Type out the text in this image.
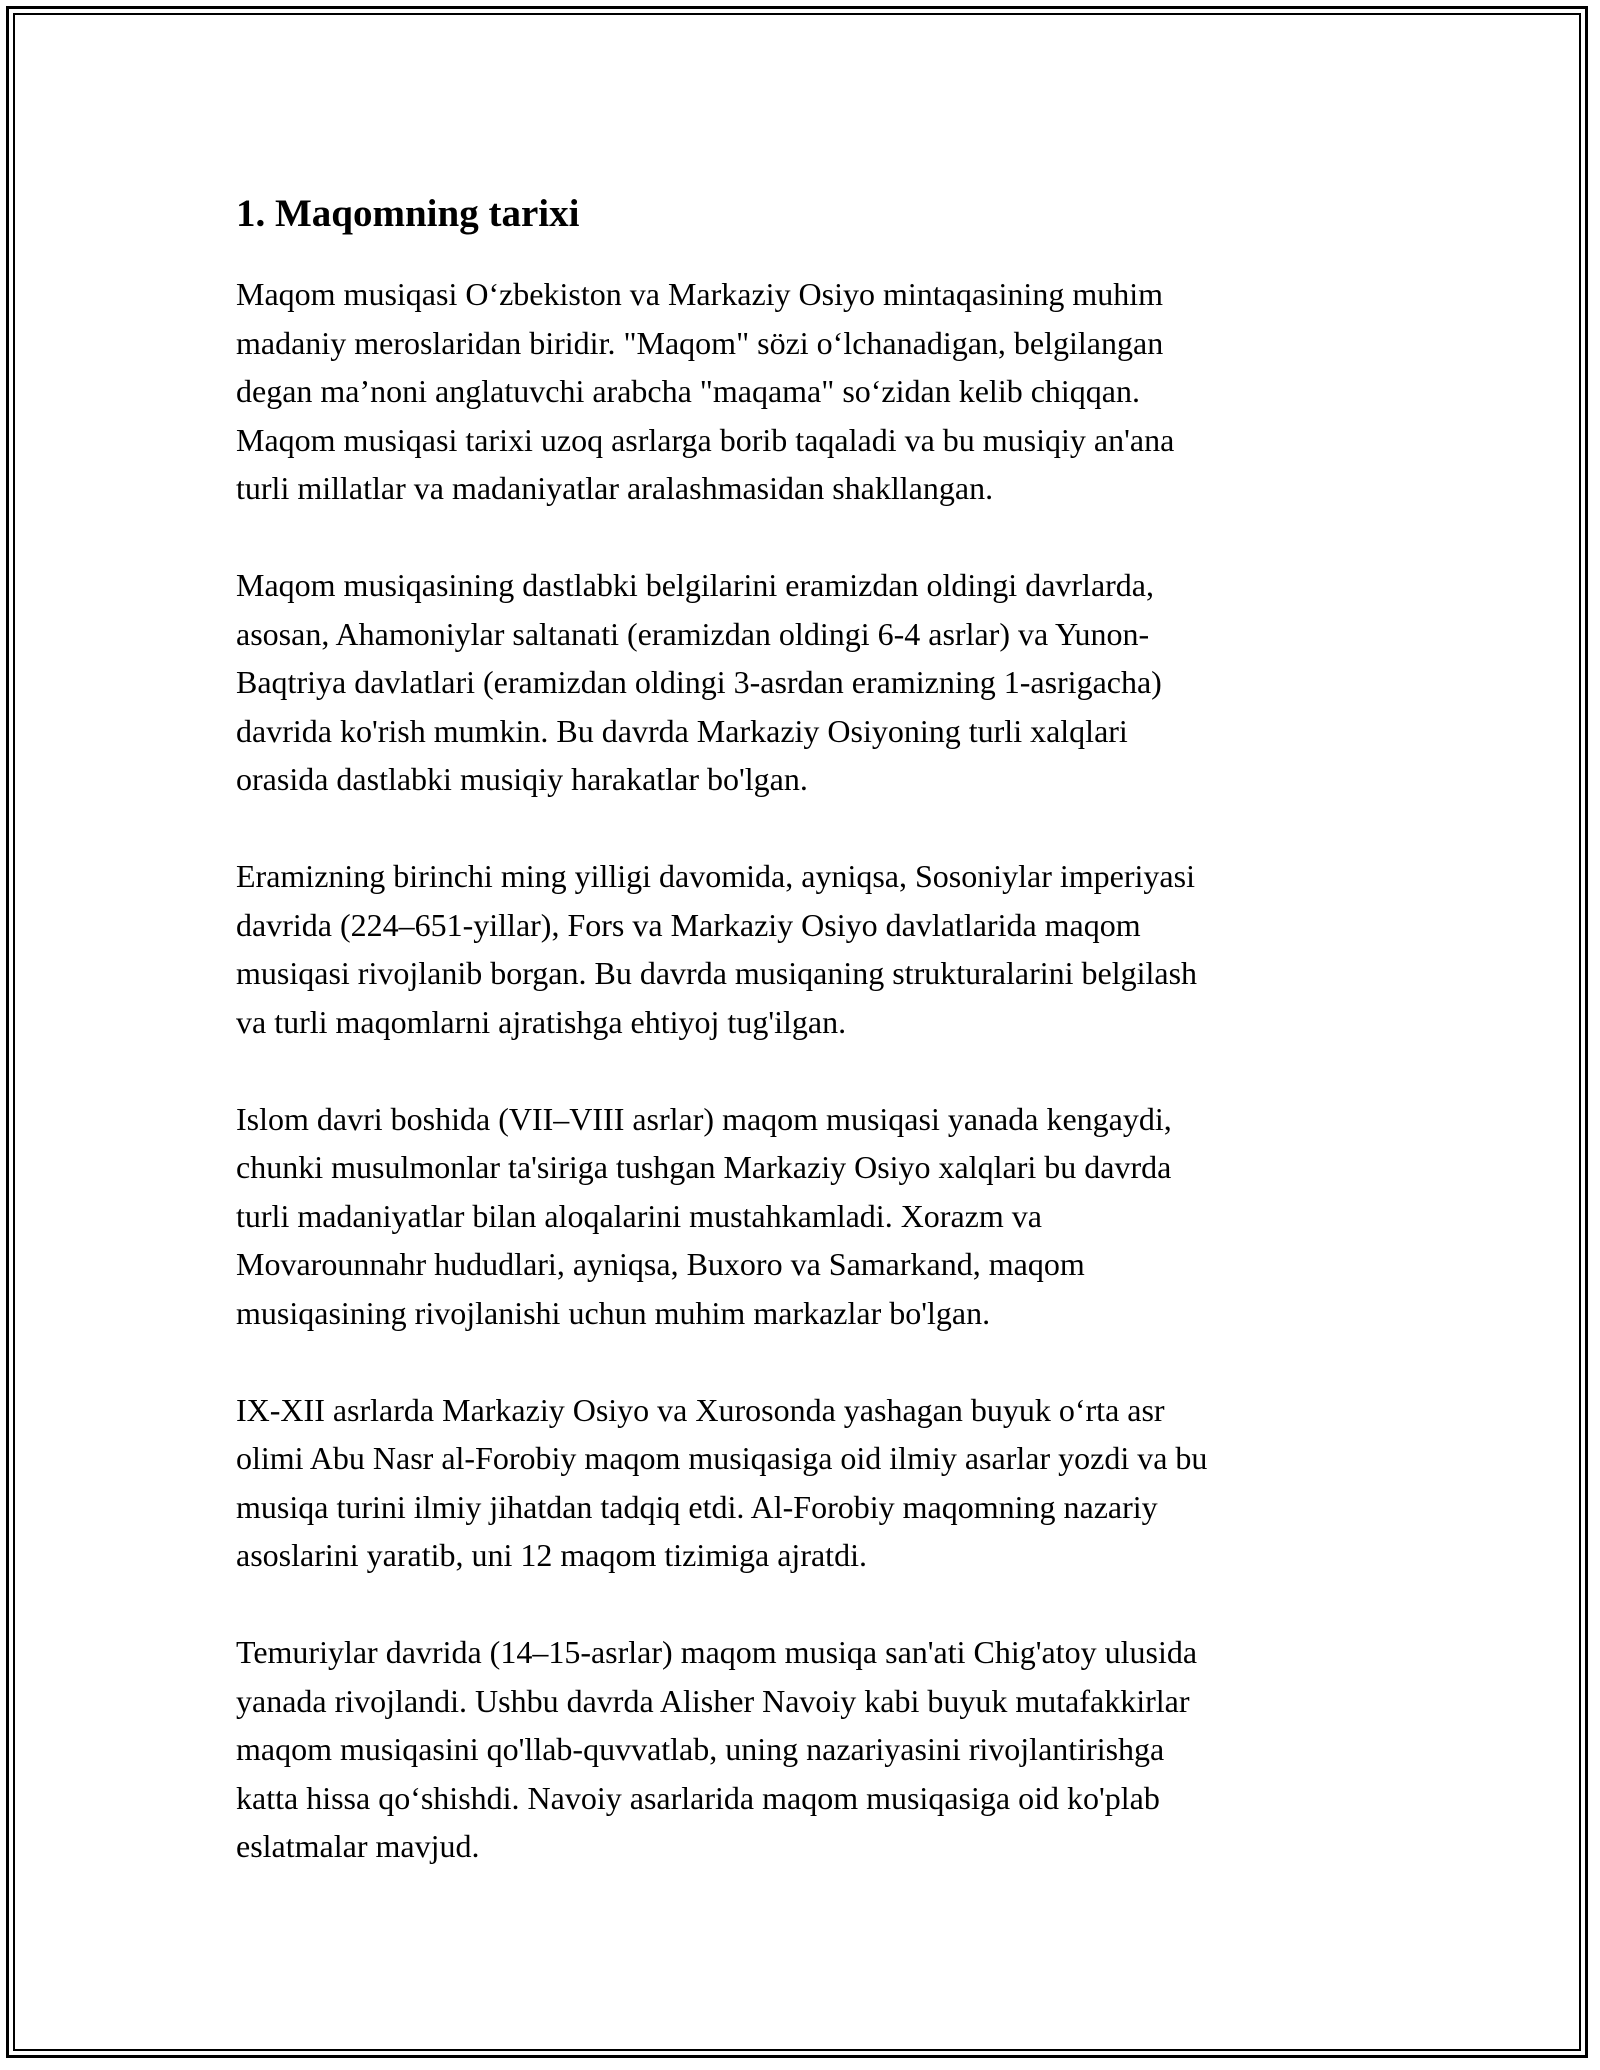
1. Maqomning tarixi

Maqom musiqasi O‘zbekiston va Markaziy Osiyo mintaqasining muhim
madaniy meroslaridan biridir. "Maqom" sözi o‘lchanadigan, belgilangan
degan ma’noni anglatuvchi arabcha "maqama" so‘zidan kelib chiqqan.
Maqom musiqasi tarixi uzoq asrlarga borib taqaladi va bu musiqiy an'ana
turli millatlar va madaniyatlar aralashmasidan shakllangan.

Maqom musiqasining dastlabki belgilarini eramizdan oldingi davrlarda,
asosan, Ahamoniylar saltanati (eramizdan oldingi 6-4 asrlar) va Yunon-
Baqtriya davlatlari (eramizdan oldingi 3-asrdan eramizning 1-asrigacha)
davrida ko'rish mumkin. Bu davrda Markaziy Osiyoning turli xalqlari
orasida dastlabki musiqiy harakatlar bo'lgan.

Eramizning birinchi ming yilligi davomida, ayniqsa, Sosoniylar imperiyasi
davrida (224–651-yillar), Fors va Markaziy Osiyo davlatlarida maqom
musiqasi rivojlanib borgan. Bu davrda musiqaning strukturalarini belgilash
va turli maqomlarni ajratishga ehtiyoj tug'ilgan.

Islom davri boshida (VII–VIII asrlar) maqom musiqasi yanada kengaydi,
chunki musulmonlar ta'siriga tushgan Markaziy Osiyo xalqlari bu davrda
turli madaniyatlar bilan aloqalarini mustahkamladi. Xorazm va
Movarounnahr hududlari, ayniqsa, Buxoro va Samarkand, maqom
musiqasining rivojlanishi uchun muhim markazlar bo'lgan.

IX-XII asrlarda Markaziy Osiyo va Xurosonda yashagan buyuk o‘rta asr
olimi Abu Nasr al-Forobiy maqom musiqasiga oid ilmiy asarlar yozdi va bu
musiqa turini ilmiy jihatdan tadqiq etdi. Al-Forobiy maqomning nazariy
asoslarini yaratib, uni 12 maqom tizimiga ajratdi.

Temuriylar davrida (14–15-asrlar) maqom musiqa san'ati Chig'atoy ulusida
yanada rivojlandi. Ushbu davrda Alisher Navoiy kabi buyuk mutafakkirlar
maqom musiqasini qo'llab-quvvatlab, uning nazariyasini rivojlantirishga
katta hissa qo‘shishdi. Navoiy asarlarida maqom musiqasiga oid ko'plab
eslatmalar mavjud.
